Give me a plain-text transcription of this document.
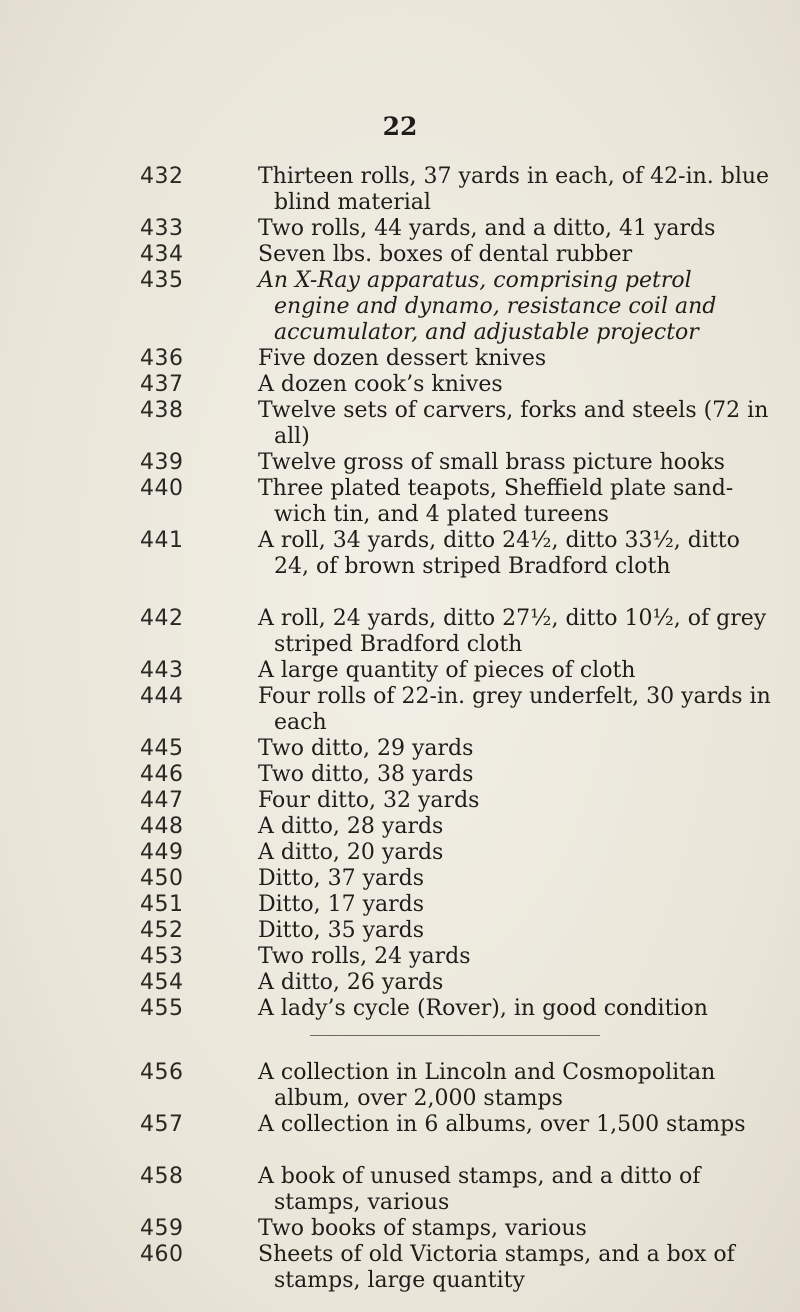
22
432	Thirteen rolls, 37 yards in each, of 42-in. blue blind material
433	Two rolls, 44 yards, and a ditto, 41 yards
434	Seven lbs. boxes of dental rubber
435	An X-Ray apparatus, comprising petrol engine and dynamo, resistance coil and accumulator, and adjustable projector
436	Five dozen dessert knives
437	A dozen cook’s knives
438	Twelve sets of carvers, forks and steels (72 in all)
439	Twelve gross of small brass picture hooks
440	Three plated teapots, Sheffield plate sand-wich tin, and 4 plated tureens
441	A roll, 34 yards, ditto 24½, ditto 33½, ditto 24, of brown striped Bradford cloth
442	A roll, 24 yards, ditto 27½, ditto 10½, of grey striped Bradford cloth
443	A large quantity of pieces of cloth
444	Four rolls of 22-in. grey underfelt, 30 yards in each
445	Two ditto, 29 yards
446	Two ditto, 38 yards
447	Four ditto, 32 yards
448	A ditto, 28 yards
449	A ditto, 20 yards
450	Ditto, 37 yards
451	Ditto, 17 yards
452	Ditto, 35 yards
453	Two rolls, 24 yards
454	A ditto, 26 yards
455	A lady’s cycle (Rover), in good condition
456	A collection in Lincoln and Cosmopolitan album, over 2,000 stamps
457	A collection in 6 albums, over 1,500 stamps
458	A book of unused stamps, and a ditto of stamps, various
459	Two books of stamps, various
460	Sheets of old Victoria stamps, and a box of stamps, large quantity
